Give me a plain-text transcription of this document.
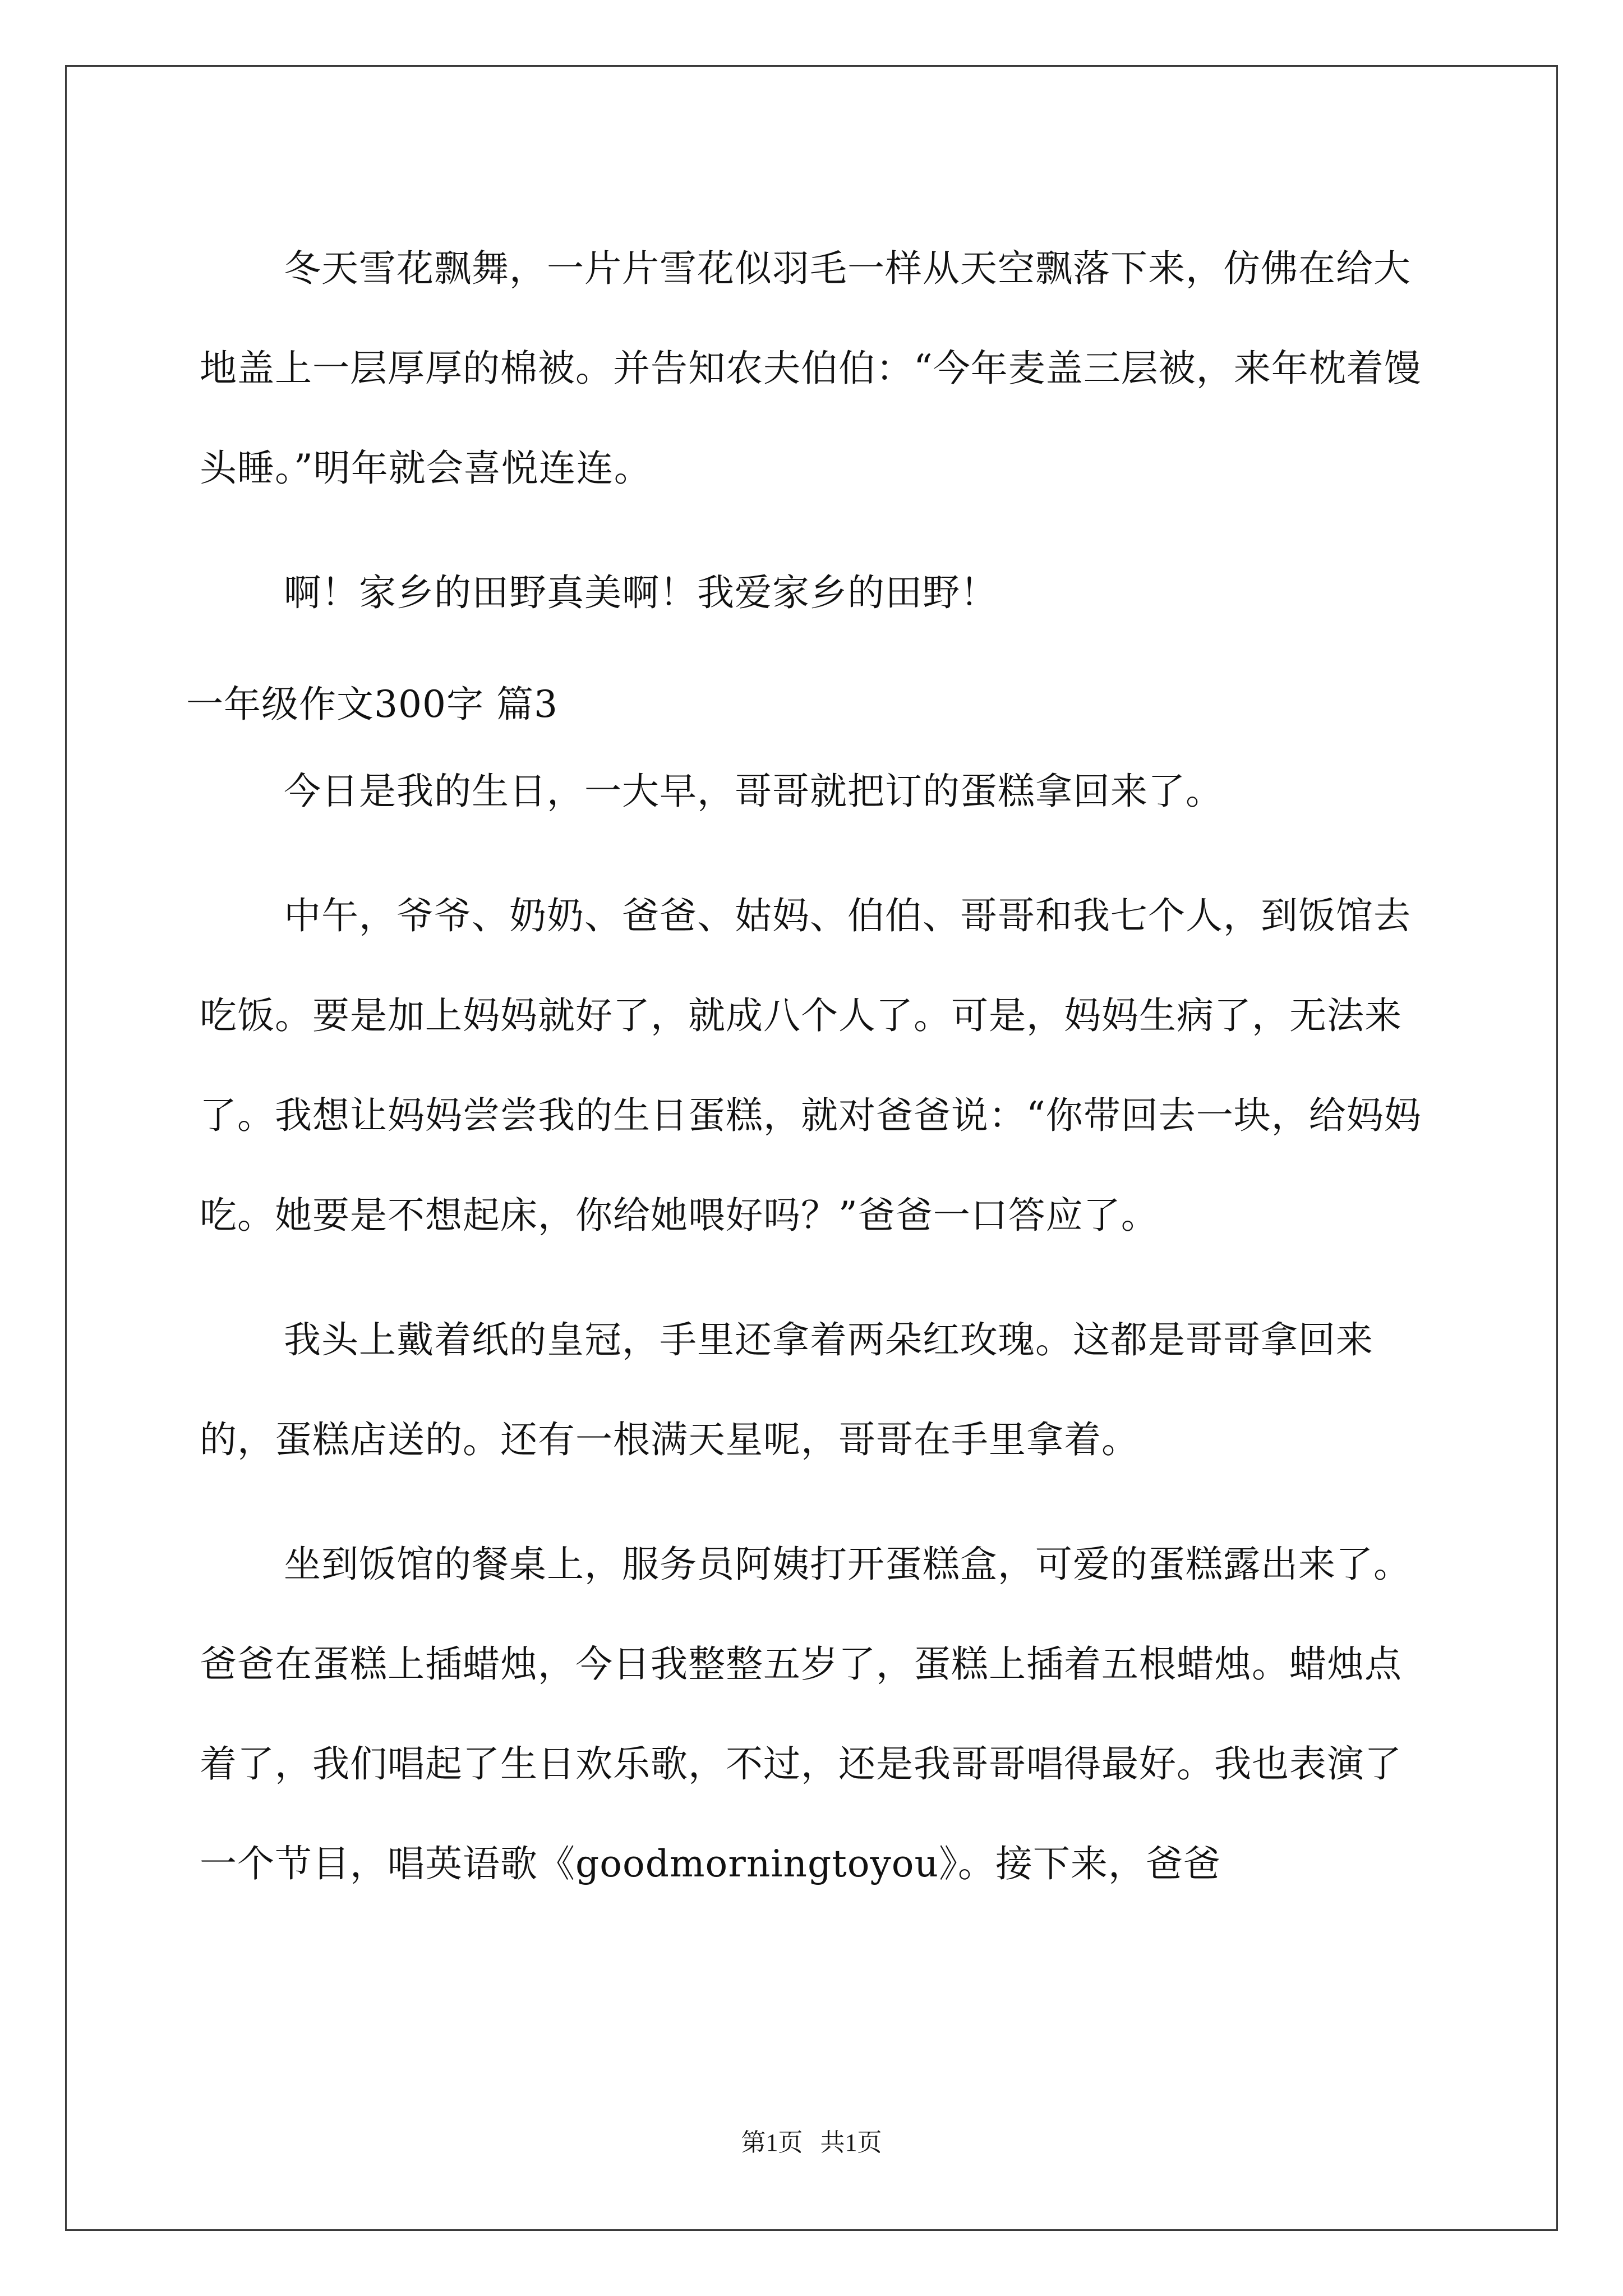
冬天雪花飘舞，一片片雪花似羽毛一样从天空飘落下来，仿佛在给大地盖上一层厚厚的棉被。并告知农夫伯伯：“今年麦盖三层被，来年枕着馒头睡。”明年就会喜悦连连。

啊！家乡的田野真美啊！我爱家乡的田野！

一年级作文300字 篇3

今日是我的生日，一大早，哥哥就把订的蛋糕拿回来了。

中午，爷爷、奶奶、爸爸、姑妈、伯伯、哥哥和我七个人，到饭馆去吃饭。要是加上妈妈就好了，就成八个人了。可是，妈妈生病了，无法来了。我想让妈妈尝尝我的生日蛋糕，就对爸爸说：“你带回去一块，给妈妈吃。她要是不想起床，你给她喂好吗？”爸爸一口答应了。

我头上戴着纸的皇冠，手里还拿着两朵红玫瑰。这都是哥哥拿回来的，蛋糕店送的。还有一根满天星呢，哥哥在手里拿着。

坐到饭馆的餐桌上，服务员阿姨打开蛋糕盒，可爱的蛋糕露出来了。爸爸在蛋糕上插蜡烛，今日我整整五岁了，蛋糕上插着五根蜡烛。蜡烛点着了，我们唱起了生日欢乐歌，不过，还是我哥哥唱得最好。我也表演了一个节目，唱英语歌《goodmorningtoyou》。接下来，爸爸

第1页 共1页
